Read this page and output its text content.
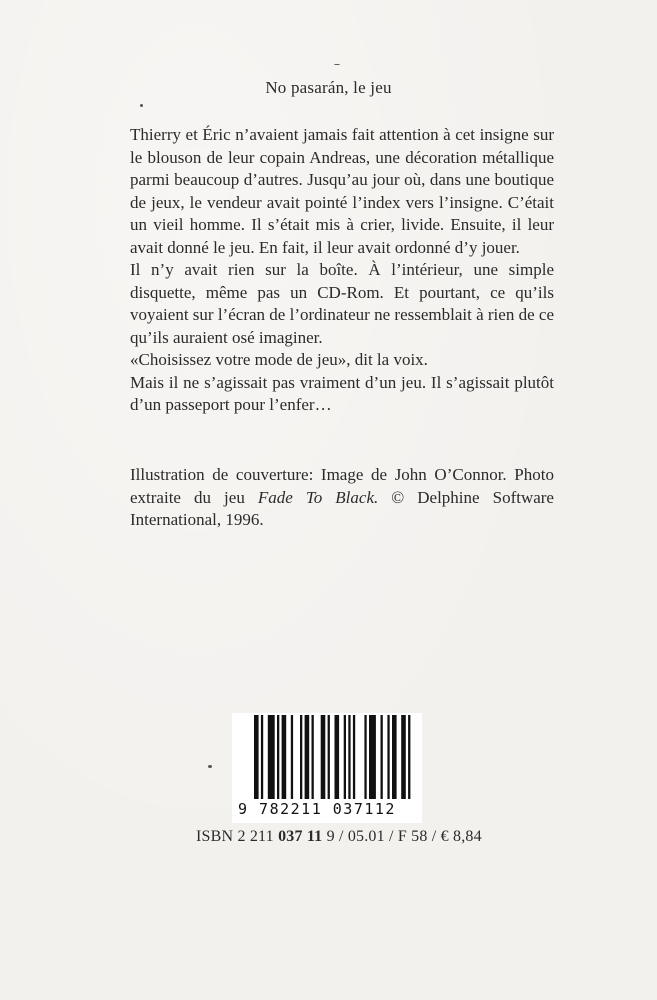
No pasarán, le jeu

Thierry et Éric n’avaient jamais fait attention à cet insigne sur le blouson de leur copain Andreas, une décoration métallique parmi beaucoup d’autres. Jusqu’au jour où, dans une boutique de jeux, le vendeur avait pointé l’index vers l’insigne. C’était un vieil homme. Il s’était mis à crier, livide. Ensuite, il leur avait donné le jeu. En fait, il leur avait ordonné d’y jouer.

Il n’y avait rien sur la boîte. À l’intérieur, une simple disquette, même pas un CD-Rom. Et pourtant, ce qu’ils voyaient sur l’écran de l’ordinateur ne ressemblait à rien de ce qu’ils auraient osé imaginer.

«Choisissez votre mode de jeu», dit la voix.

Mais il ne s’agissait pas vraiment d’un jeu. Il s’agissait plutôt d’un passeport pour l’enfer…

Illustration de couverture: Image de John O’Connor. Photo extraite du jeu Fade To Black. © Delphine Software International, 1996.
9 782211 037112
ISBN 2 211 037 11 9 / 05.01 / F 58 / € 8,84
